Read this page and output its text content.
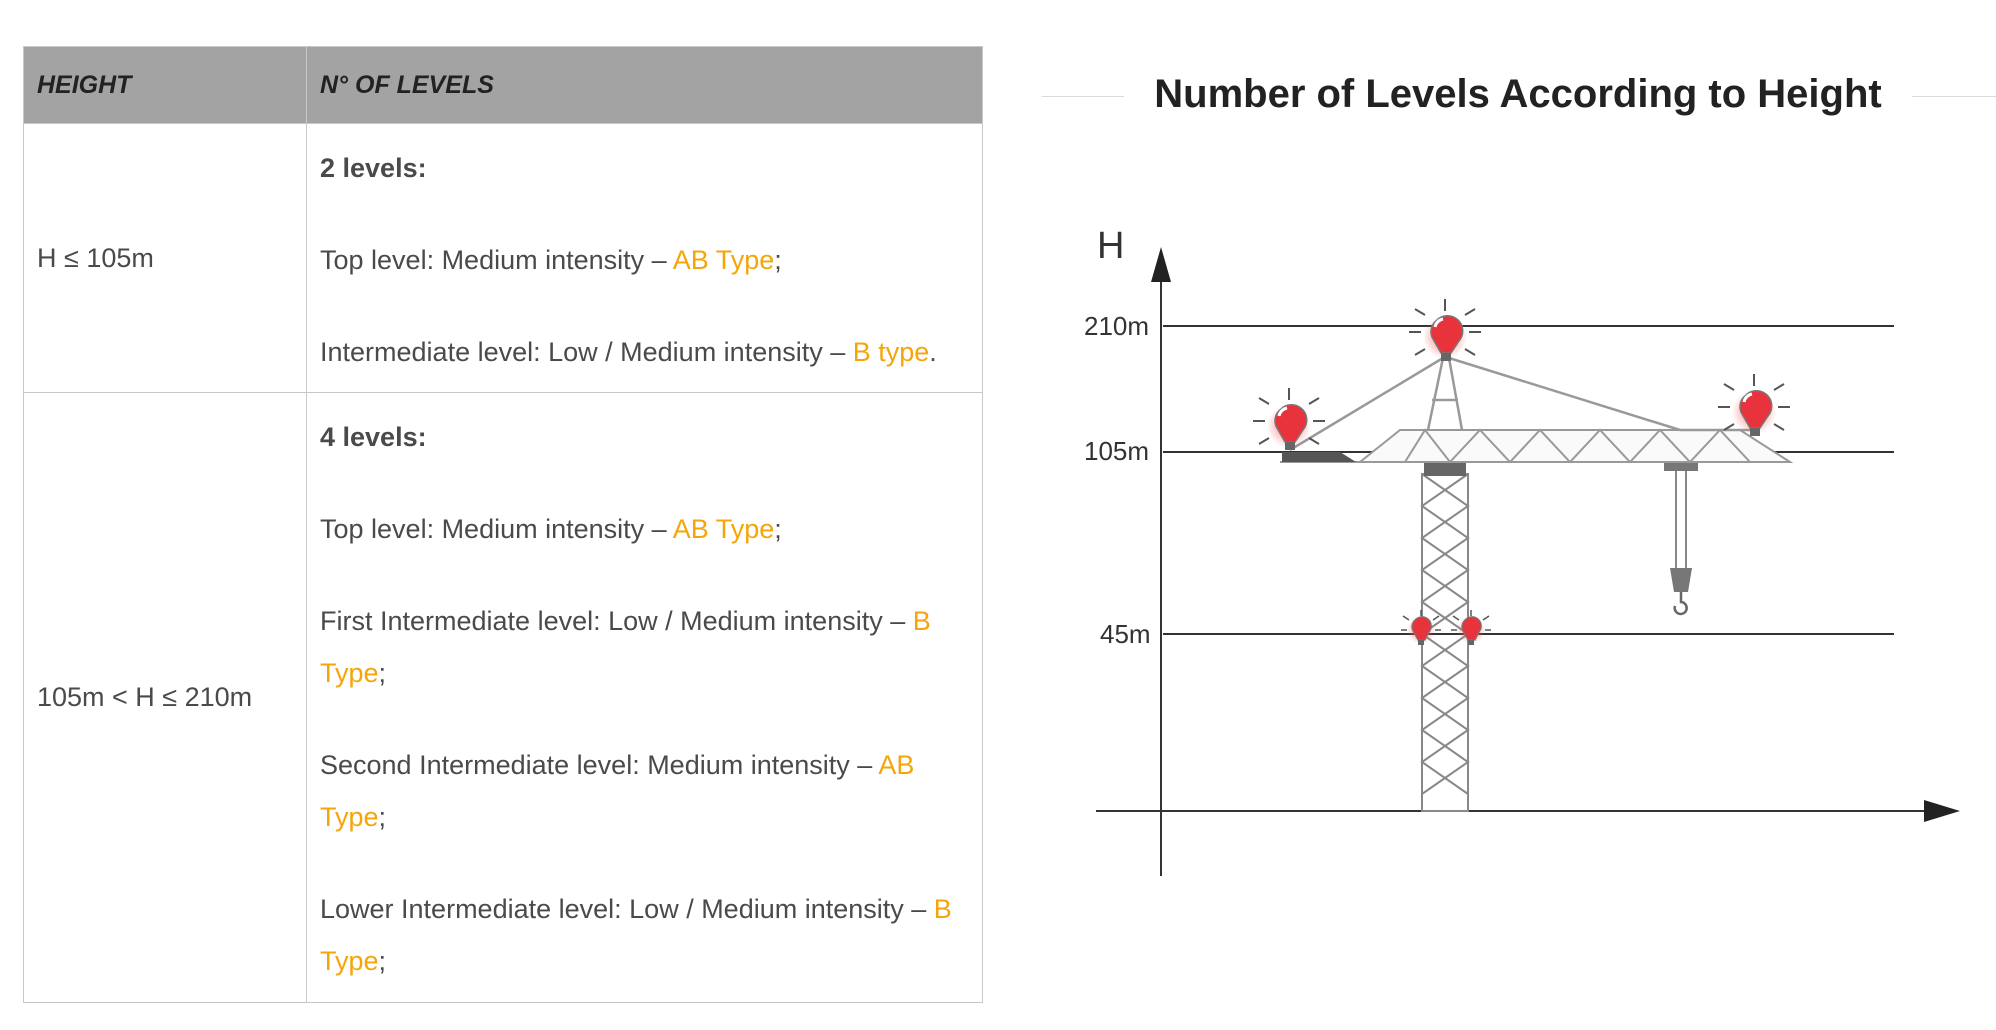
HEIGHT	N° OF LEVELS
H ≤ 105m	2 levels:

Top level: Medium intensity – AB Type;

Intermediate level: Low / Medium intensity – B type.

105m < H ≤ 210m	4 levels:

Top level: Medium intensity – AB Type;

First Intermediate level: Low / Medium intensity – B Type;

Second Intermediate level: Medium intensity – AB Type;

Lower Intermediate level: Low / Medium intensity – B Type;

Number of Levels According to Height
H
210m
105m
45m
